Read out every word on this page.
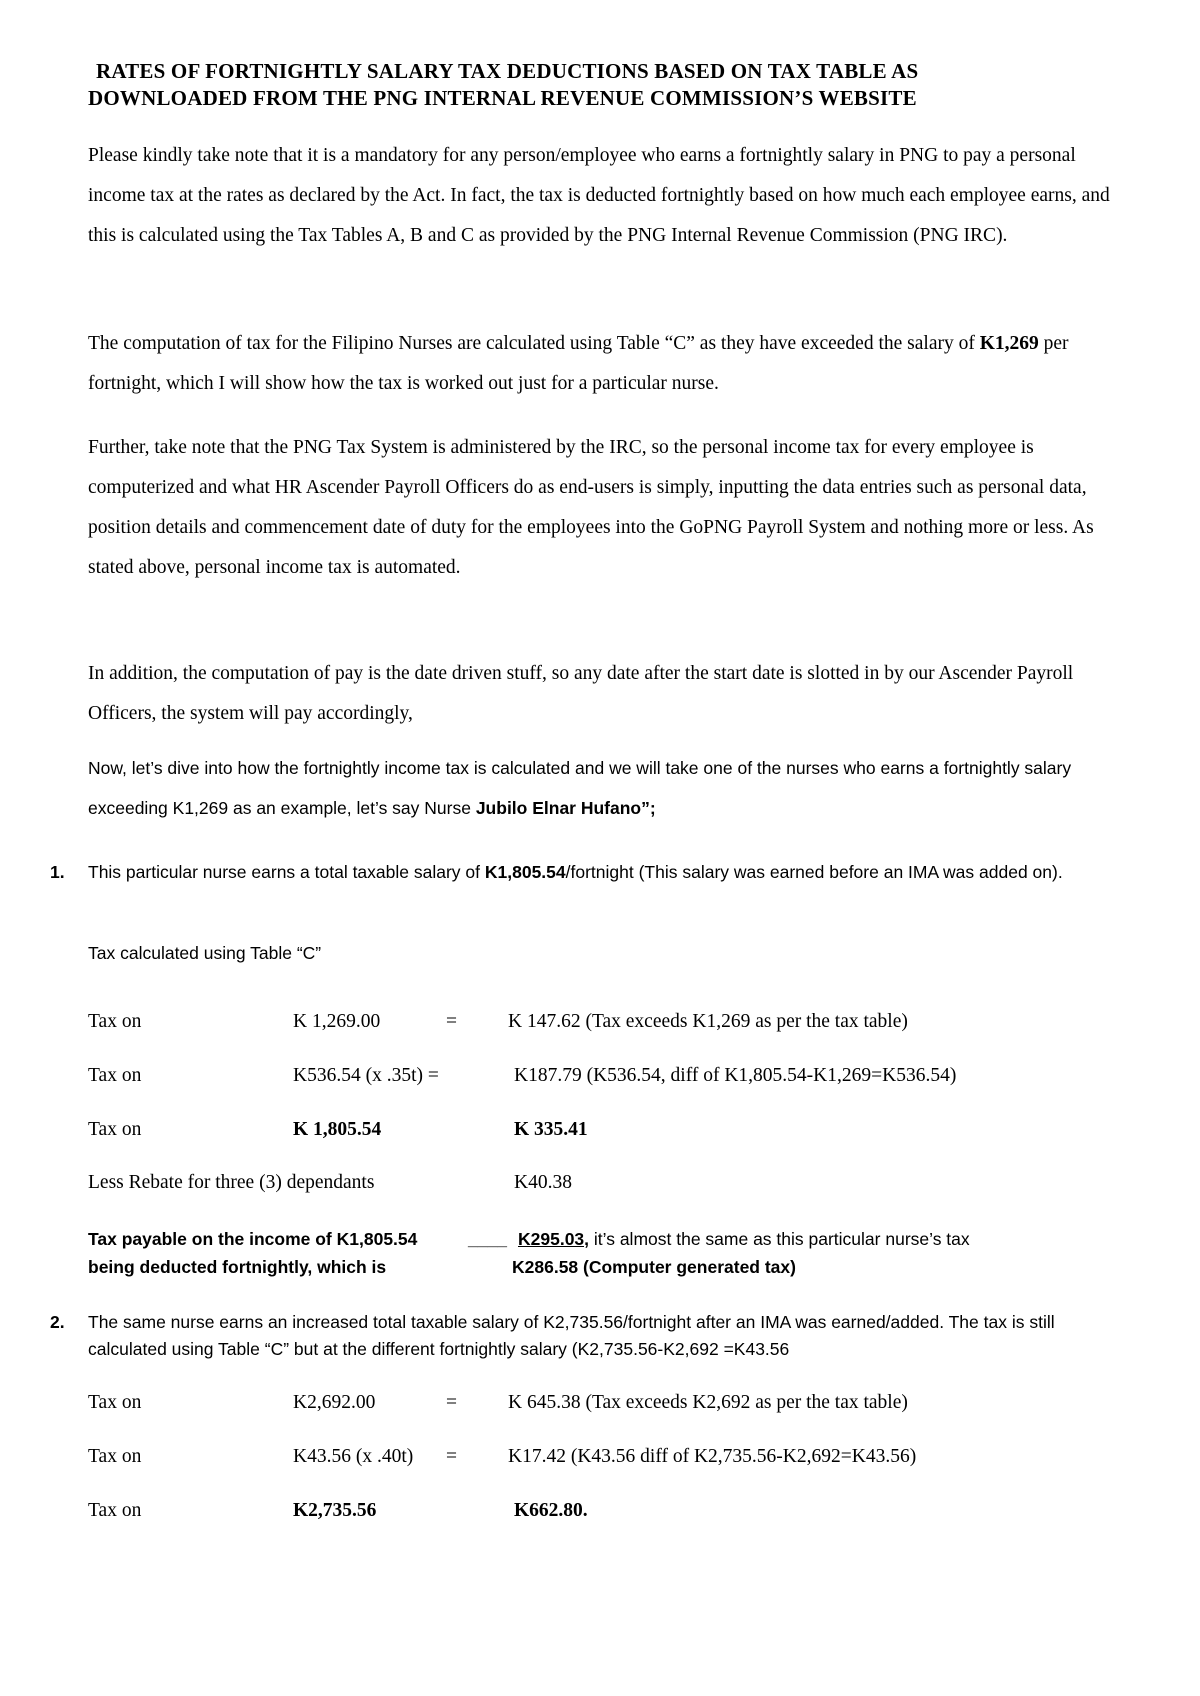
RATES OF FORTNIGHTLY SALARY TAX DEDUCTIONS BASED ON TAX TABLE AS
DOWNLOADED FROM THE PNG INTERNAL REVENUE COMMISSION’S WEBSITE
Please kindly take note that it is a mandatory for any person/employee who earns a fortnightly salary in PNG to pay a personal income tax at the rates as declared by the Act. In fact, the tax is deducted fortnightly based on how much each employee earns, and this is calculated using the Tax Tables A, B and C as provided by the PNG Internal Revenue Commission (PNG IRC).
The computation of tax for the Filipino Nurses are calculated using Table “C” as they have exceeded the salary of K1,269 per fortnight, which I will show how the tax is worked out just for a particular nurse.
Further, take note that the PNG Tax System is administered by the IRC, so the personal income tax for every employee is computerized and what HR Ascender Payroll Officers do as end-users is simply, inputting the data entries such as personal data, position details and commencement date of duty for the employees into the GoPNG Payroll System and nothing more or less. As stated above, personal income tax is automated.
In addition, the computation of pay is the date driven stuff, so any date after the start date is slotted in by our Ascender Payroll Officers, the system will pay accordingly,
Now, let’s dive into how the fortnightly income tax is calculated and we will take one of the nurses who earns a fortnightly salary exceeding K1,269 as an example, let’s say Nurse Jubilo Elnar Hufano”;
1. This particular nurse earns a total taxable salary of K1,805.54/fortnight (This salary was earned before an IMA was added on).
Tax calculated using Table “C”
Tax on	K 1,269.00	=	K 147.62 (Tax exceeds K1,269 as per the tax table)
Tax on	K536.54 (x .35t) =	K187.79 (K536.54, diff of K1,805.54-K1,269=K536.54)
Tax on	K 1,805.54	K 335.41
Less Rebate for three (3) dependants	K40.38
Tax payable on the income of K1,805.54	____ K295.03, it’s almost the same as this particular nurse’s tax
being deducted fortnightly, which is	K286.58 (Computer generated tax)
2. The same nurse earns an increased total taxable salary of K2,735.56/fortnight after an IMA was earned/added. The tax is still calculated using Table “C” but at the different fortnightly salary (K2,735.56-K2,692 =K43.56
Tax on	K2,692.00	=	K 645.38 (Tax exceeds K2,692 as per the tax table)
Tax on	K43.56 (x .40t) =	K17.42 (K43.56 diff of K2,735.56-K2,692=K43.56)
Tax on	K2,735.56	K662.80.
